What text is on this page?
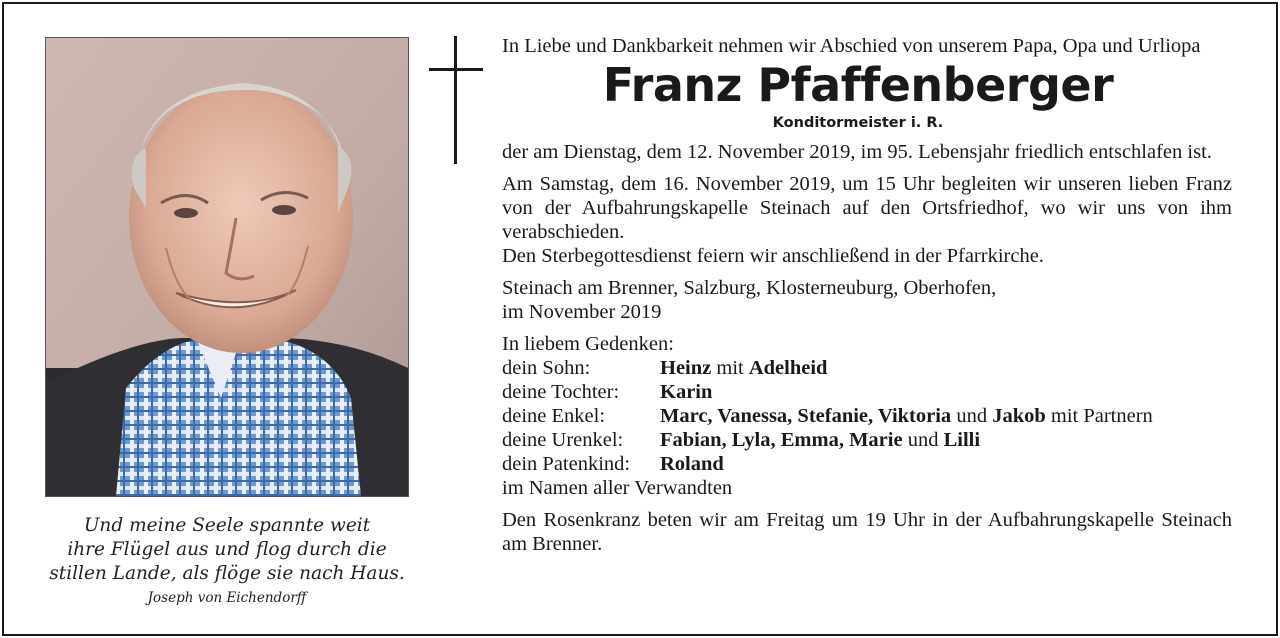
Und meine Seele spannte weit
ihre Flügel aus und flog durch die
stillen Lande, als flöge sie nach Haus.
Joseph von Eichendorff
In Liebe und Dankbarkeit nehmen wir Abschied von unserem Papa, Opa und Urliopa
Franz Pfaffenberger
Konditormeister i. R.
der am Dienstag, dem 12. November 2019, im 95. Lebensjahr friedlich entschlafen ist.
Am Samstag, dem 16. November 2019, um 15 Uhr begleiten wir unseren lieben Franz von der Aufbahrungskapelle Steinach auf den Ortsfriedhof, wo wir uns von ihm verabschieden.
Den Sterbegottesdienst feiern wir anschließend in der Pfarrkirche.
Steinach am Brenner, Salzburg, Klosterneuburg, Oberhofen,
im November 2019
In liebem Gedenken:
dein Sohn:	Heinz mit Adelheid
deine Tochter:	Karin
deine Enkel:	Marc, Vanessa, Stefanie, Viktoria und Jakob mit Partnern
deine Urenkel:	Fabian, Lyla, Emma, Marie und Lilli
dein Patenkind:	Roland
im Namen aller Verwandten
Den Rosenkranz beten wir am Freitag um 19 Uhr in der Aufbahrungskapelle Steinach am Brenner.
